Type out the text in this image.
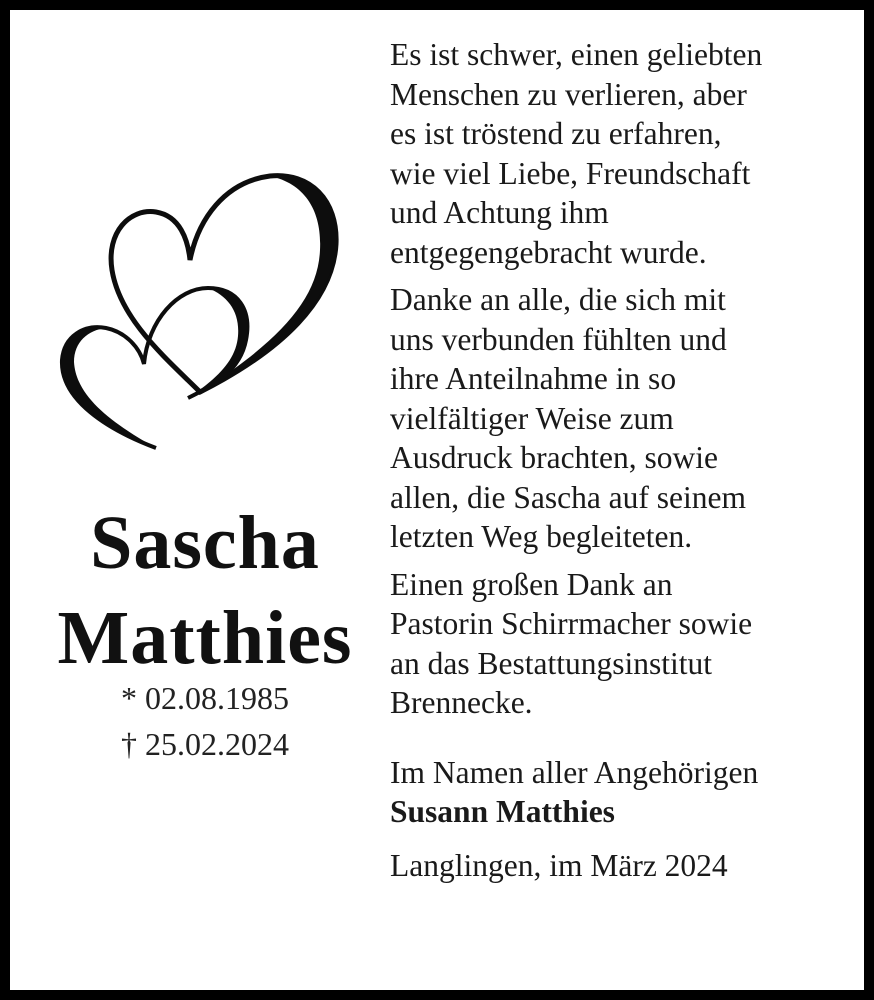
Sascha
Matthies
* 02.08.1985
† 25.02.2024

Es ist schwer, einen geliebten
Menschen zu verlieren, aber
es ist tröstend zu erfahren,
wie viel Liebe, Freundschaft
und Achtung ihm
entgegengebracht wurde.

Danke an alle, die sich mit
uns verbunden fühlten und
ihre Anteilnahme in so
vielfältiger Weise zum
Ausdruck brachten, sowie
allen, die Sascha auf seinem
letzten Weg begleiteten.

Einen großen Dank an
Pastorin Schirrmacher sowie
an das Bestattungsinstitut
Brennecke.

Im Namen aller Angehörigen
Susann Matthies
Langlingen, im März 2024
